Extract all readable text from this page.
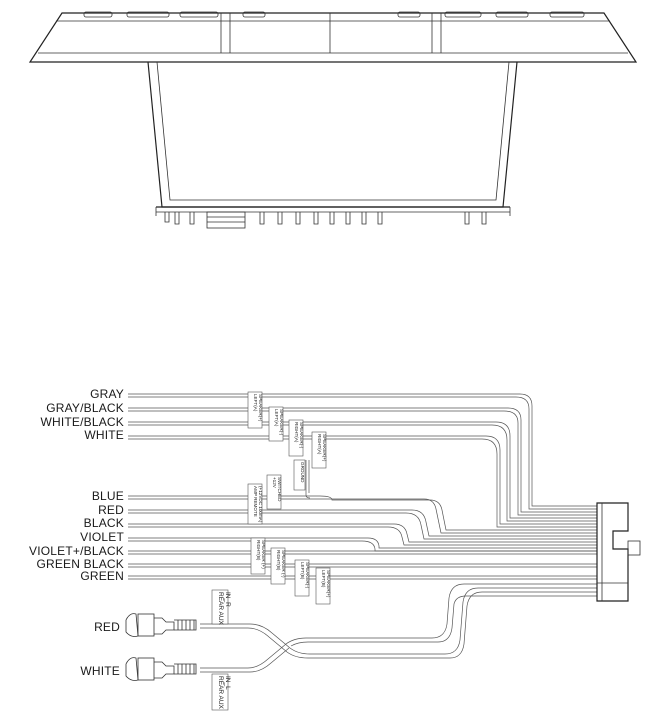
GRAY
GRAY/BLACK
WHITE/BLACK
WHITE
BLUE
RED
BLACK
VIOLET
VIOLET+/BLACK
GREEN BLACK
GREEN
LEFT(A) SPEAKER(+) LEFT(A) SPEAKER(-) RIGHT(A) SPEAKER(-)	RIGHT(A) SPEAKER(+)
GROUND
+12V SWITCHED
AMP REMOTE (+12VDC 100mA)
RIGHT(B) SPEAKER (+) RIGHT(B) SPEAKER (-)	LEFT(B) SPEAKER(-) LEFT(B) SPEAKER(+)
RED
REAR AUX IN_R
WHITE
REAR AUX IN_L
